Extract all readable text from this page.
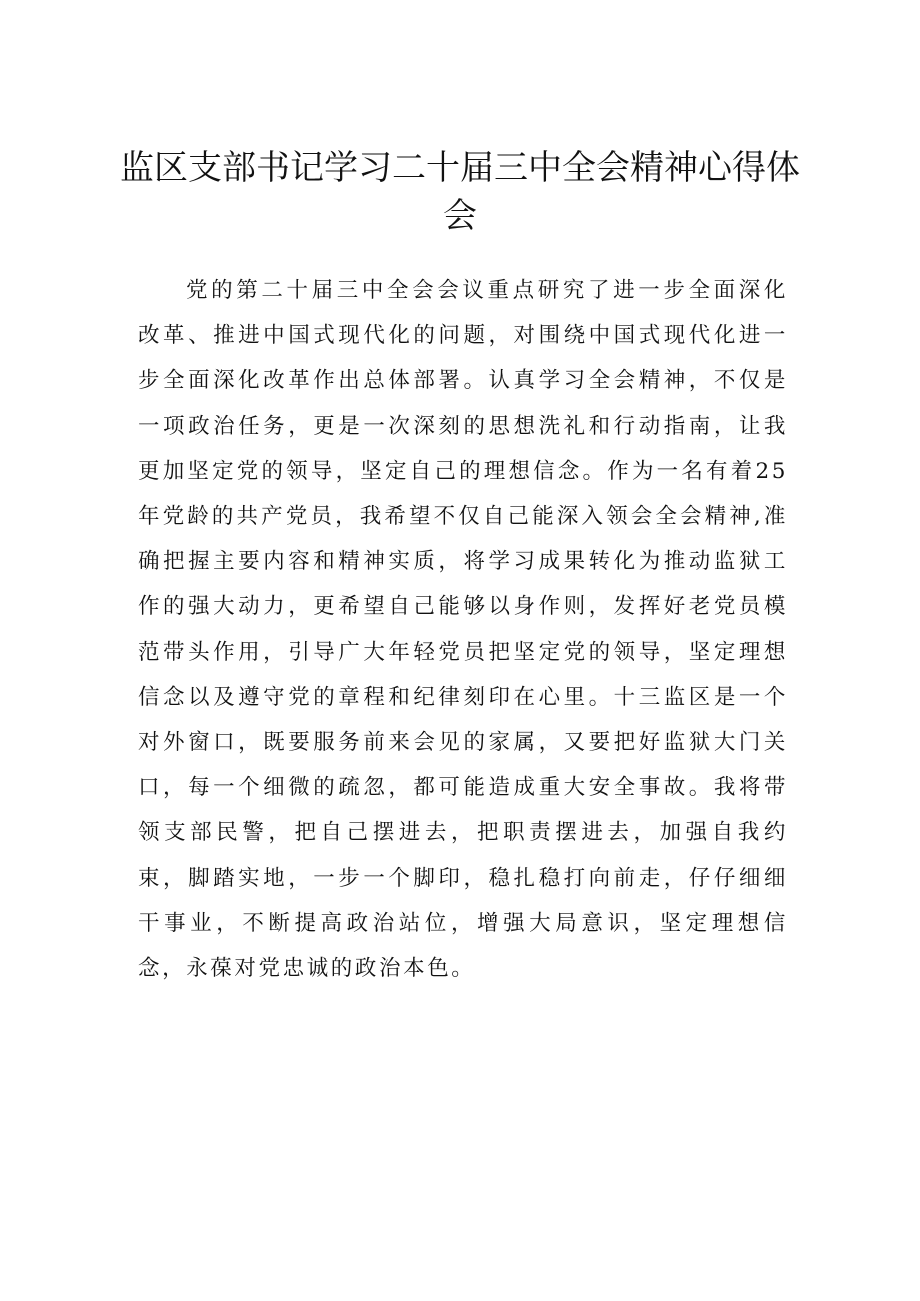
监区支部书记学习二十届三中全会精神心得体会

党的第二十届三中全会会议重点研究了进一步全面深化改革、推进中国式现代化的问题，对围绕中国式现代化进一步全面深化改革作出总体部署。认真学习全会精神，不仅是一项政治任务，更是一次深刻的思想洗礼和行动指南，让我更加坚定党的领导，坚定自己的理想信念。作为一名有着25年党龄的共产党员，我希望不仅自己能深入领会全会精神,准确把握主要内容和精神实质，将学习成果转化为推动监狱工作的强大动力，更希望自己能够以身作则，发挥好老党员模范带头作用，引导广大年轻党员把坚定党的领导，坚定理想信念以及遵守党的章程和纪律刻印在心里。十三监区是一个对外窗口，既要服务前来会见的家属，又要把好监狱大门关口，每一个细微的疏忽，都可能造成重大安全事故。我将带领支部民警，把自己摆进去，把职责摆进去，加强自我约束，脚踏实地，一步一个脚印，稳扎稳打向前走，仔仔细细干事业，不断提高政治站位，增强大局意识，坚定理想信念，永葆对党忠诚的政治本色。
